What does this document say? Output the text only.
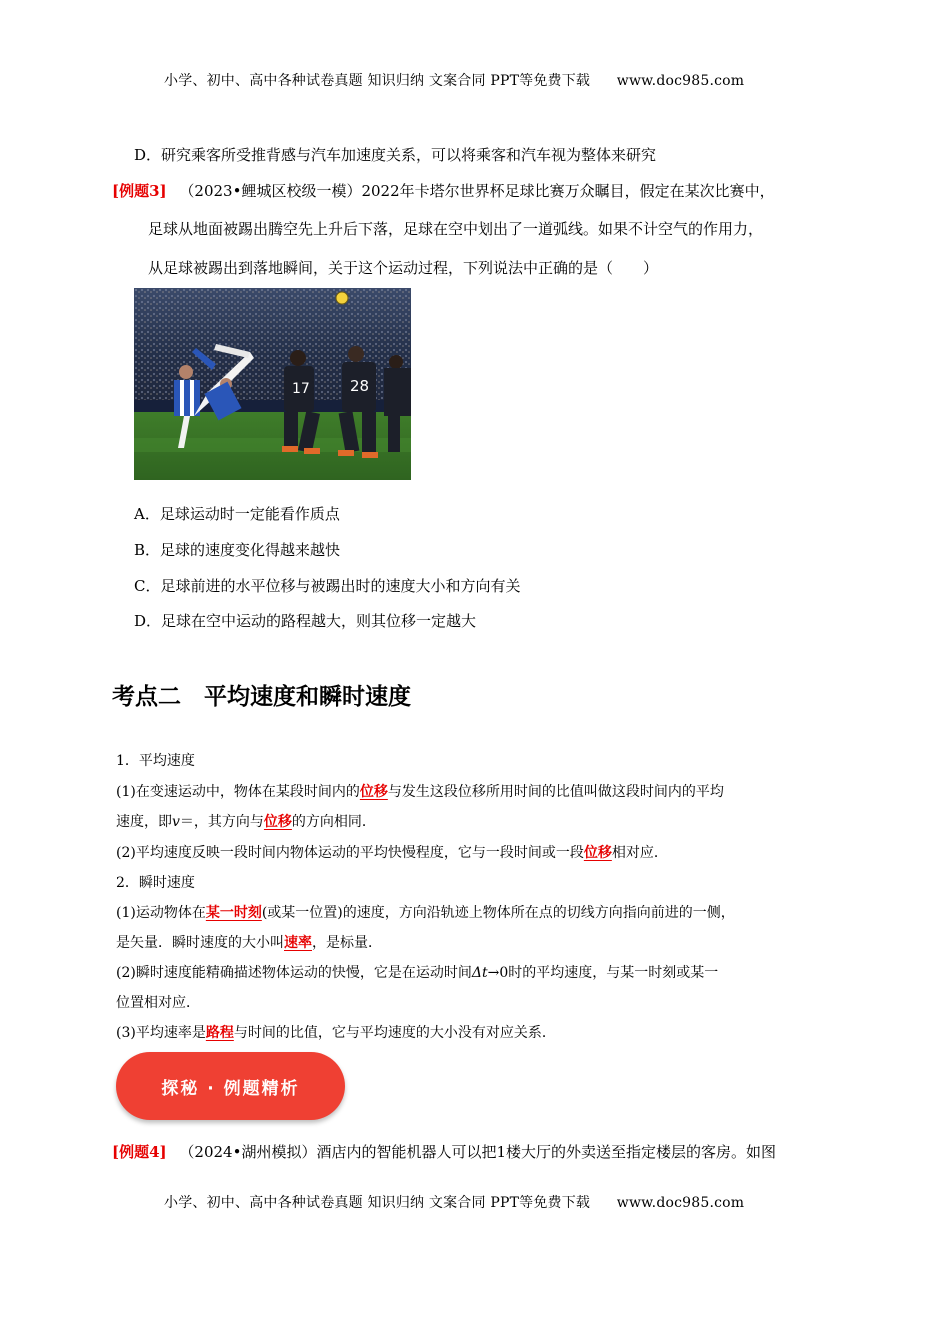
小学、初中、高中各种试卷真题 知识归纳 文案合同 PPT等免费下载 www.doc985.com
D．研究乘客所受推背感与汽车加速度关系，可以将乘客和汽车视为整体来研究
[例题3] （2023•鲤城区校级一模）2022年卡塔尔世界杯足球比赛万众瞩目，假定在某次比赛中，
足球从地面被踢出腾空先上升后下落，足球在空中划出了一道弧线。如果不计空气的作用力，
从足球被踢出到落地瞬间，关于这个运动过程，下列说法中正确的是（　　）
17	28
A．足球运动时一定能看作质点
B．足球的速度变化得越来越快
C．足球前进的水平位移与被踢出时的速度大小和方向有关
D．足球在空中运动的路程越大，则其位移一定越大
考点二　平均速度和瞬时速度
1．平均速度
(1)在变速运动中，物体在某段时间内的位移与发生这段位移所用时间的比值叫做这段时间内的平均
速度，即v＝，其方向与位移的方向相同．
(2)平均速度反映一段时间内物体运动的平均快慢程度，它与一段时间或一段位移相对应．
2．瞬时速度
(1)运动物体在某一时刻(或某一位置)的速度，方向沿轨迹上物体所在点的切线方向指向前进的一侧，
是矢量．瞬时速度的大小叫速率，是标量．
(2)瞬时速度能精确描述物体运动的快慢，它是在运动时间Δt→0时的平均速度，与某一时刻或某一
位置相对应．
(3)平均速率是路程与时间的比值，它与平均速度的大小没有对应关系．
探秘 · 例题精析
[例题4] （2024•湖州模拟）酒店内的智能机器人可以把1楼大厅的外卖送至指定楼层的客房。如图
小学、初中、高中各种试卷真题 知识归纳 文案合同 PPT等免费下载 www.doc985.com
